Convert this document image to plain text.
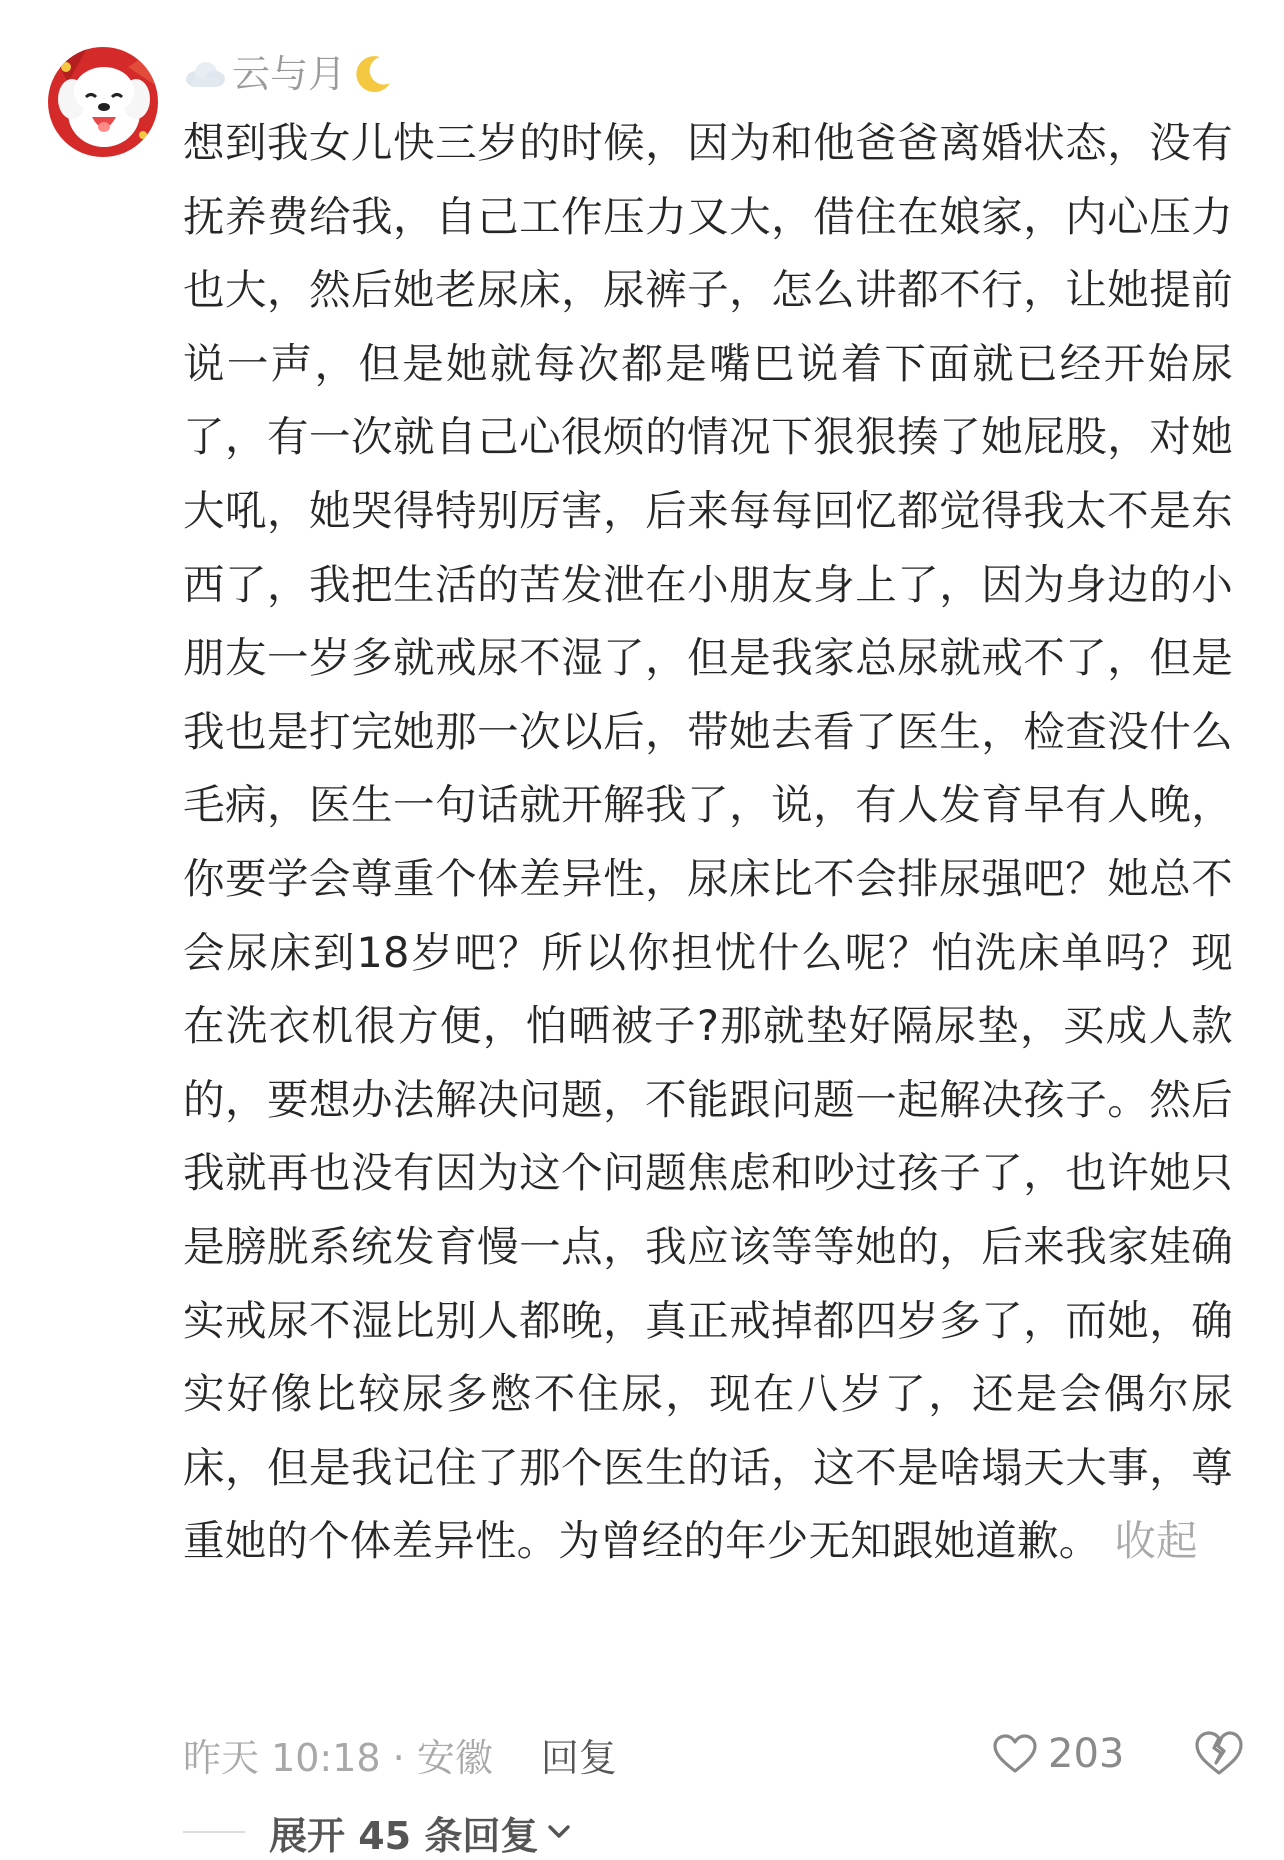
云与月

想到我女儿快三岁的时候，因为和他爸爸离婚状态，没有抚养费给我，自己工作压力又大，借住在娘家，内心压力也大，然后她老尿床，尿裤子，怎么讲都不行，让她提前说一声，但是她就每次都是嘴巴说着下面就已经开始尿了，有一次就自己心很烦的情况下狠狠揍了她屁股，对她大吼，她哭得特别厉害，后来每每回忆都觉得我太不是东西了，我把生活的苦发泄在小朋友身上了，因为身边的小朋友一岁多就戒尿不湿了，但是我家总尿就戒不了，但是我也是打完她那一次以后，带她去看了医生，检查没什么毛病，医生一句话就开解我了，说，有人发育早有人晚，你要学会尊重个体差异性，尿床比不会排尿强吧？她总不会尿床到18岁吧？所以你担忧什么呢？怕洗床单吗？现在洗衣机很方便，怕晒被子?那就垫好隔尿垫，买成人款的，要想办法解决问题，不能跟问题一起解决孩子。然后我就再也没有因为这个问题焦虑和吵过孩子了，也许她只是膀胱系统发育慢一点，我应该等等她的，后来我家娃确实戒尿不湿比别人都晚，真正戒掉都四岁多了，而她，确实好像比较尿多憋不住尿，现在八岁了，还是会偶尔尿床，但是我记住了那个医生的话，这不是啥塌天大事，尊重她的个体差异性。为曾经的年少无知跟她道歉。 收起

昨天 10:18 · 安徽 回复	203
展开 45 条回复
